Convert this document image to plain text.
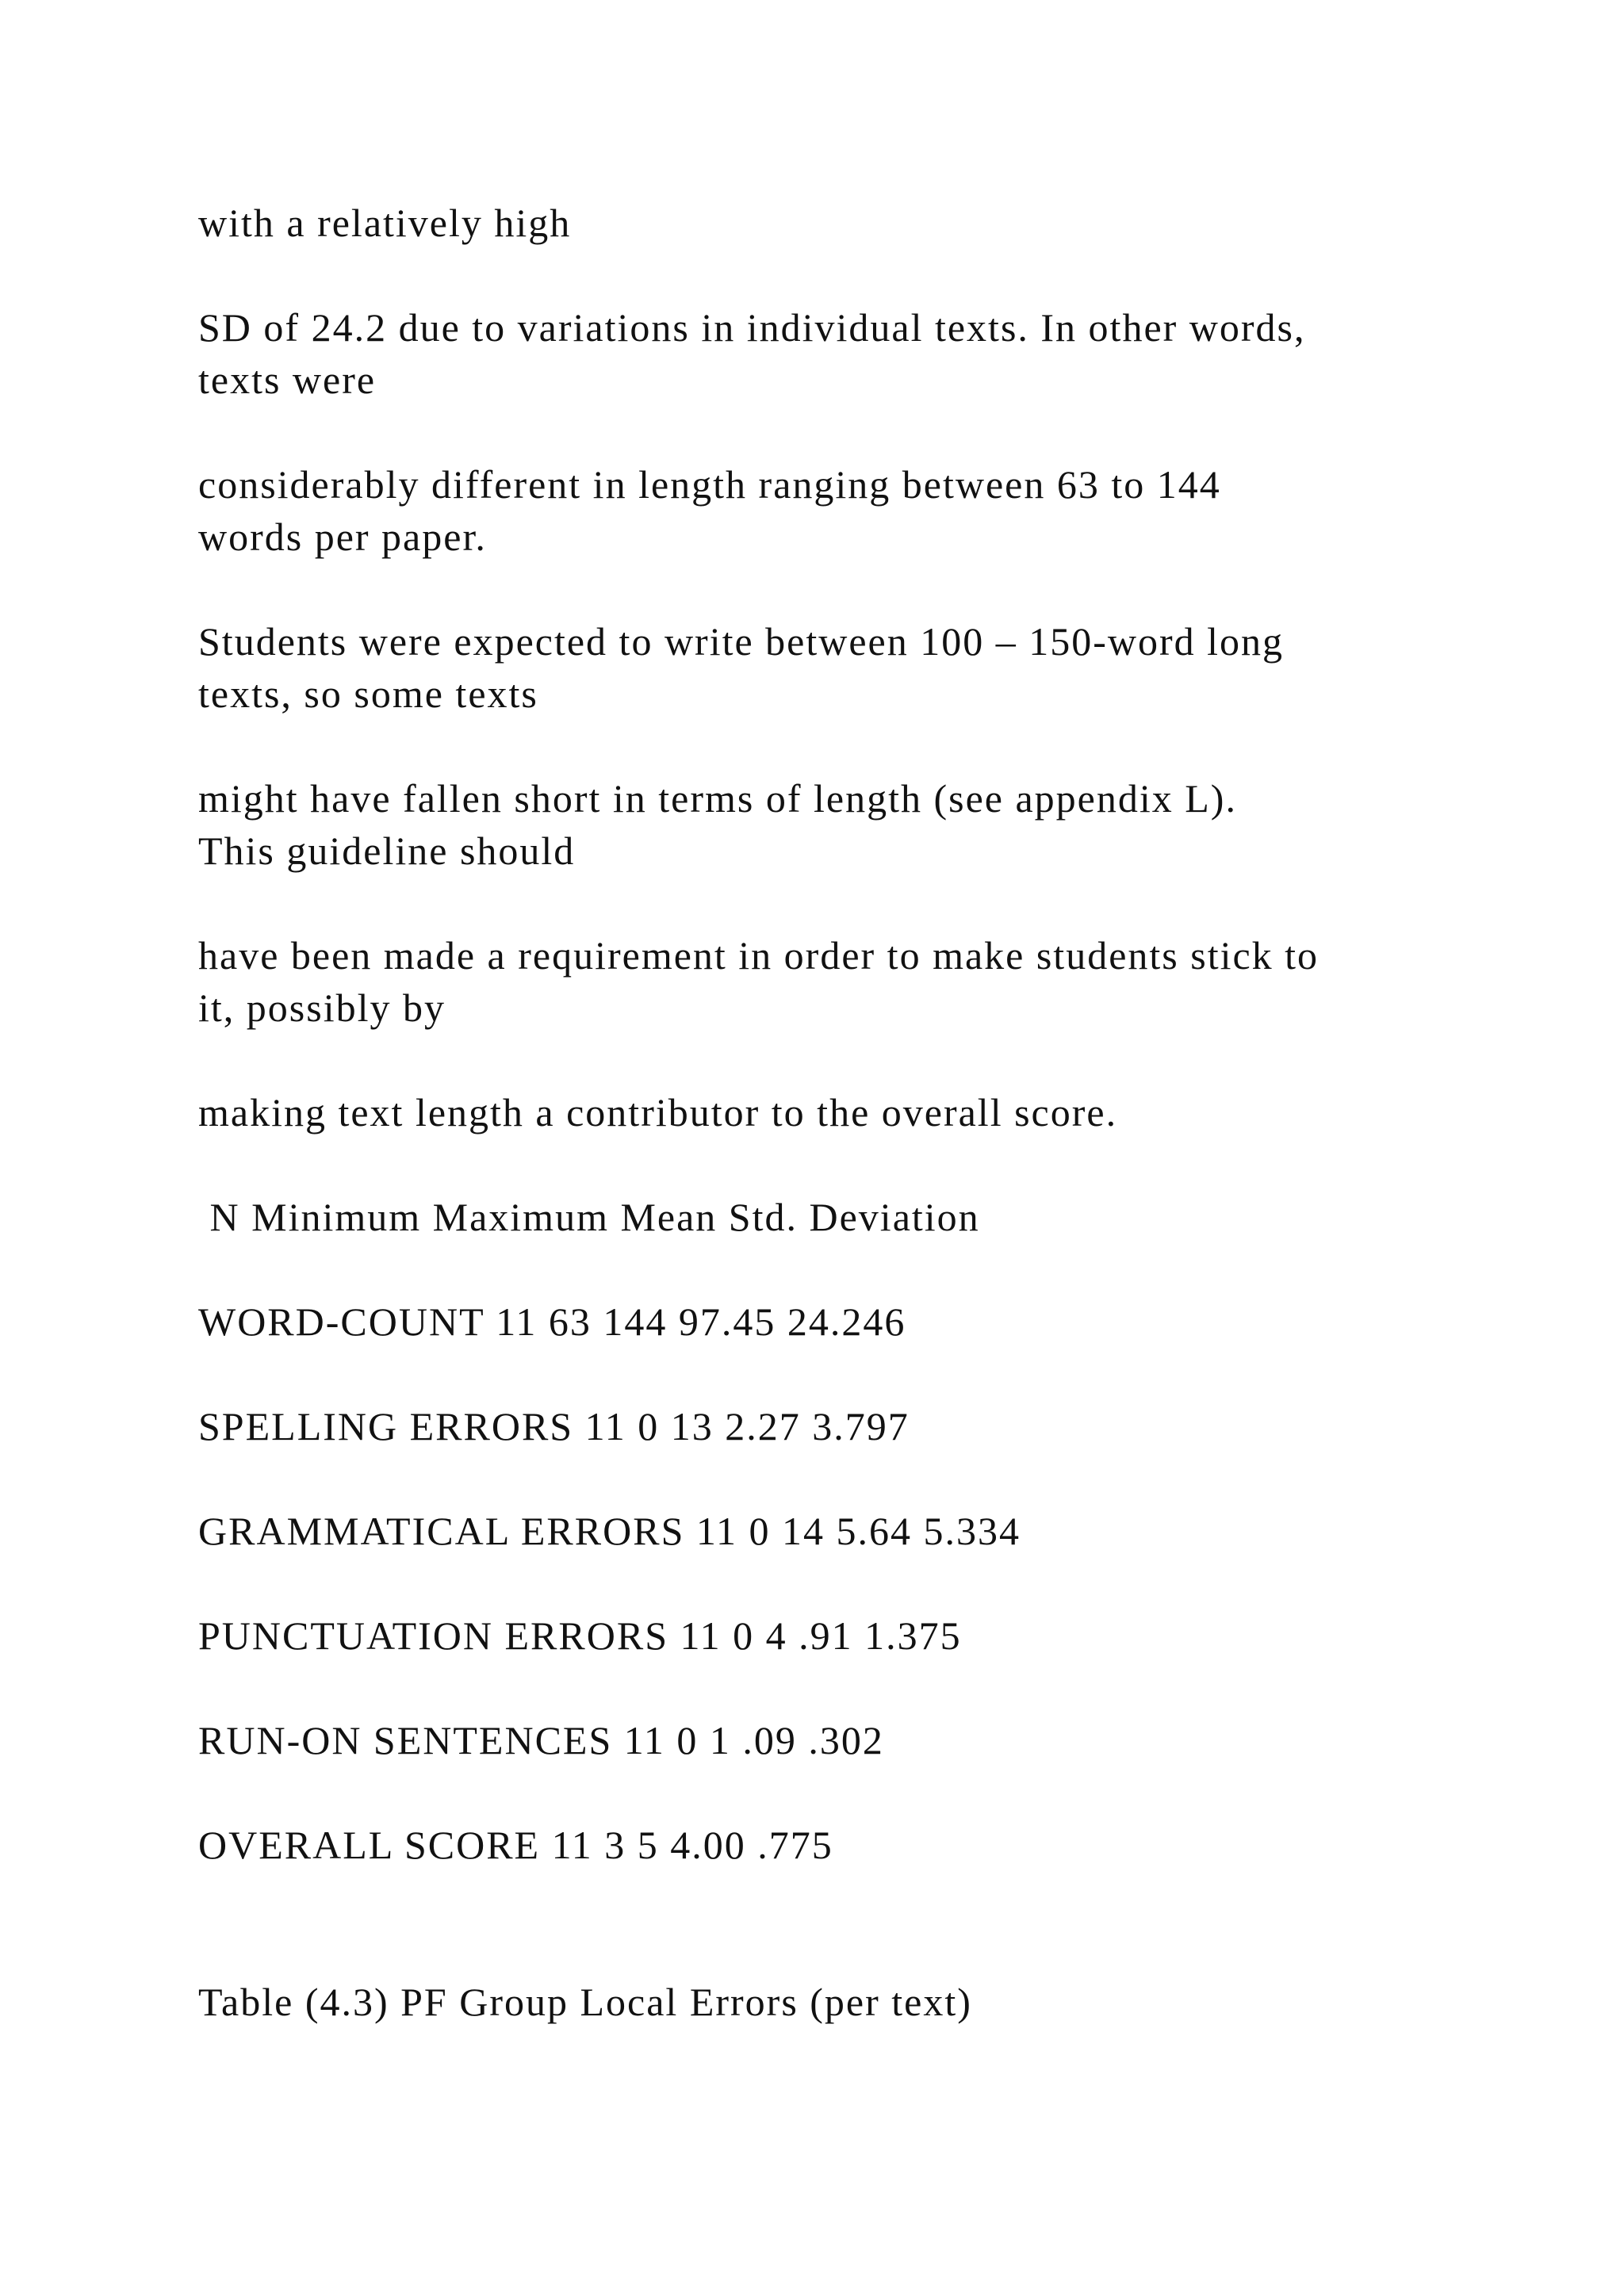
with a relatively high

SD of 24.2 due to variations in individual texts. In other words,

texts were

considerably different in length ranging between 63 to 144

words per paper.

Students were expected to write between 100 – 150-word long

texts, so some texts

might have fallen short in terms of length (see appendix L).

This guideline should

have been made a requirement in order to make students stick to

it, possibly by

making text length a contributor to the overall score.

N Minimum Maximum Mean Std. Deviation

WORD-COUNT 11 63 144 97.45 24.246

SPELLING ERRORS 11 0 13 2.27 3.797

GRAMMATICAL ERRORS 11 0 14 5.64 5.334

PUNCTUATION ERRORS 11 0 4 .91 1.375

RUN-ON SENTENCES 11 0 1 .09 .302

OVERALL SCORE 11 3 5 4.00 .775

Table (4.3) PF Group Local Errors (per text)
